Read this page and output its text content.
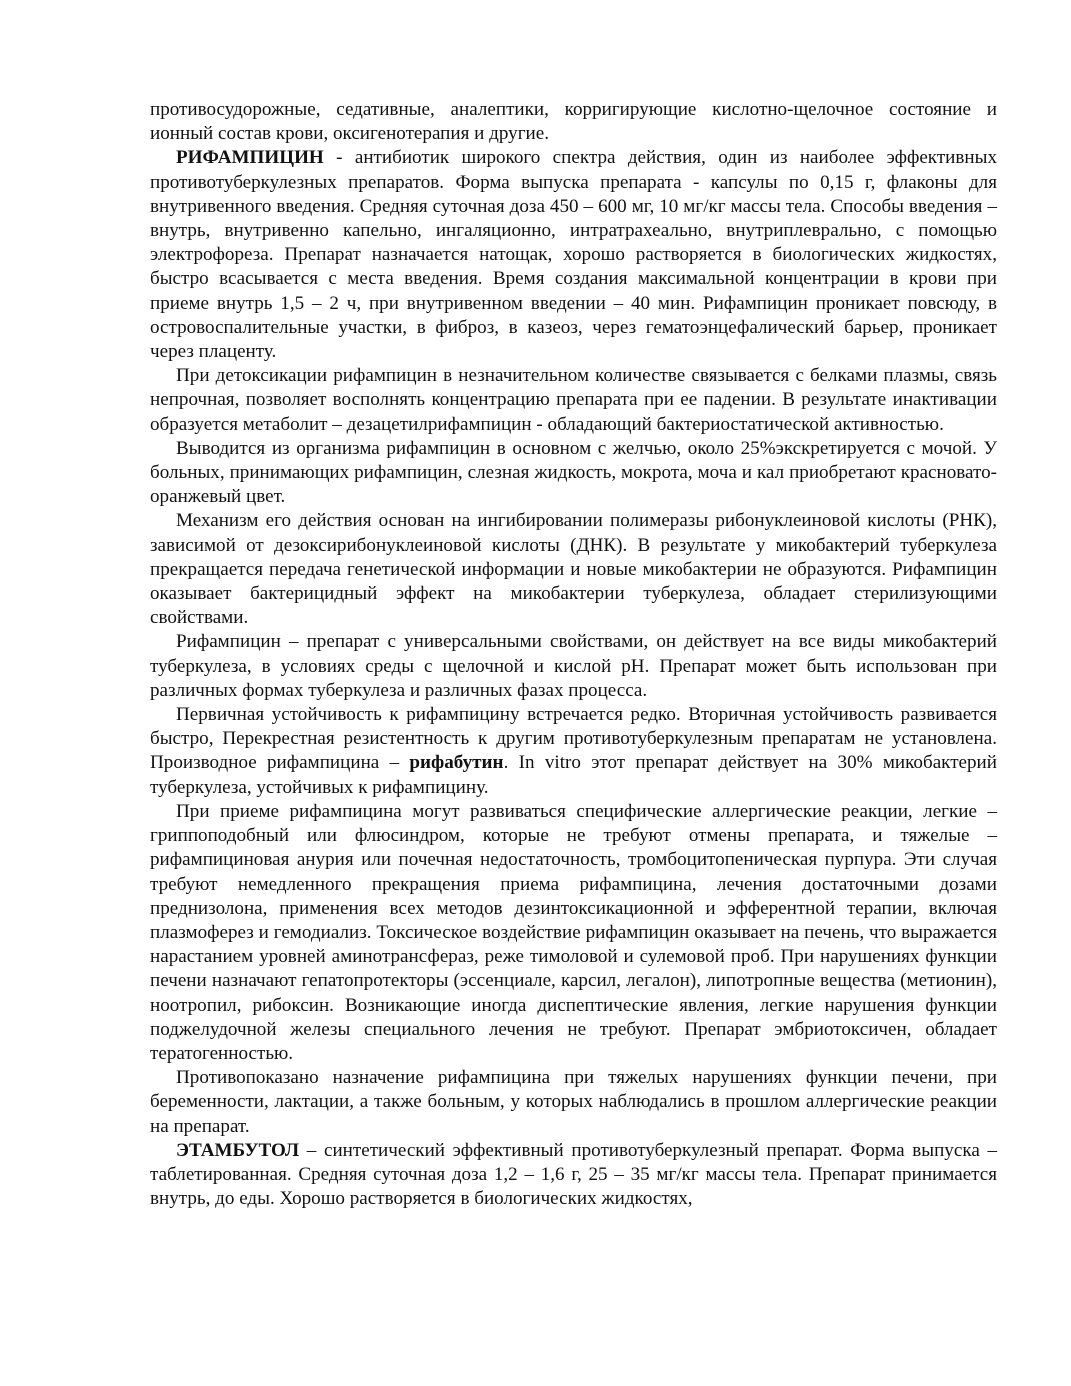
противосудорожные, седативные, аналептики, корригирующие кислотно-щелочное состояние и ионный состав крови, оксигенотерапия и другие.

РИФАМПИЦИН - антибиотик широкого спектра действия, один из наиболее эффективных противотуберкулезных препаратов. Форма выпуска препарата - капсулы по 0,15 г, флаконы для внутривенного введения. Средняя суточная доза 450 – 600 мг, 10 мг/кг массы тела. Способы введения – внутрь, внутривенно капельно, ингаляционно, интратрахеально, внутриплеврально, с помощью электрофореза. Препарат назначается натощак, хорошо растворяется в биологических жидкостях, быстро всасывается с места введения. Время создания максимальной концентрации в крови при приеме внутрь 1,5 – 2 ч, при внутривенном введении – 40 мин. Рифампицин проникает повсюду, в островоспалительные участки, в фиброз, в казеоз, через гематоэнцефалический барьер, проникает через плаценту.

При детоксикации рифампицин в незначительном количестве связывается с белками плазмы, связь непрочная, позволяет восполнять концентрацию препарата при ее падении. В результате инактивации образуется метаболит – дезацетилрифампицин - обладающий бактериостатической активностью.

Выводится из организма рифампицин в основном с желчью, около 25%экскретируется с мочой. У больных, принимающих рифампицин, слезная жидкость, мокрота, моча и кал приобретают красновато-оранжевый цвет.

Механизм его действия основан на ингибировании полимеразы рибонуклеиновой кислоты (РНК), зависимой от дезоксирибонуклеиновой кислоты (ДНК). В результате у микобактерий туберкулеза прекращается передача генетической информации и новые микобактерии не образуются. Рифампицин оказывает бактерицидный эффект на микобактерии туберкулеза, обладает стерилизующими свойствами.

Рифампицин – препарат с универсальными свойствами, он действует на все виды микобактерий туберкулеза, в условиях среды с щелочной и кислой pH. Препарат может быть использован при различных формах туберкулеза и различных фазах процесса.

Первичная устойчивость к рифампицину встречается редко. Вторичная устойчивость развивается быстро, Перекрестная резистентность к другим противотуберкулезным препаратам не установлена. Производное рифампицина – рифабутин. In vitro этот препарат действует на 30% микобактерий туберкулеза, устойчивых к рифампицину.

При приеме рифампицина могут развиваться специфические аллергические реакции, легкие – гриппоподобный или флюсиндром, которые не требуют отмены препарата, и тяжелые – рифампициновая анурия или почечная недостаточность, тромбоцитопеническая пурпура. Эти случая требуют немедленного прекращения приема рифампицина, лечения достаточными дозами преднизолона, применения всех методов дезинтоксикационной и эфферентной терапии, включая плазмоферез и гемодиализ. Токсическое воздействие рифампицин оказывает на печень, что выражается нарастанием уровней аминотрансфераз, реже тимоловой и сулемовой проб. При нарушениях функции печени назначают гепатопротекторы (эссенциале, карсил, легалон), липотропные вещества (метионин), ноотропил, рибоксин. Возникающие иногда диспептические явления, легкие нарушения функции поджелудочной железы специального лечения не требуют. Препарат эмбриотоксичен, обладает тератогенностью.

Противопоказано назначение рифампицина при тяжелых нарушениях функции печени, при беременности, лактации, а также больным, у которых наблюдались в прошлом аллергические реакции на препарат.

ЭТАМБУТОЛ – синтетический эффективный противотуберкулезный препарат. Форма выпуска – таблетированная. Средняя суточная доза 1,2 – 1,6 г, 25 – 35 мг/кг массы тела. Препарат принимается внутрь, до еды. Хорошо растворяется в биологических жидкостях,
